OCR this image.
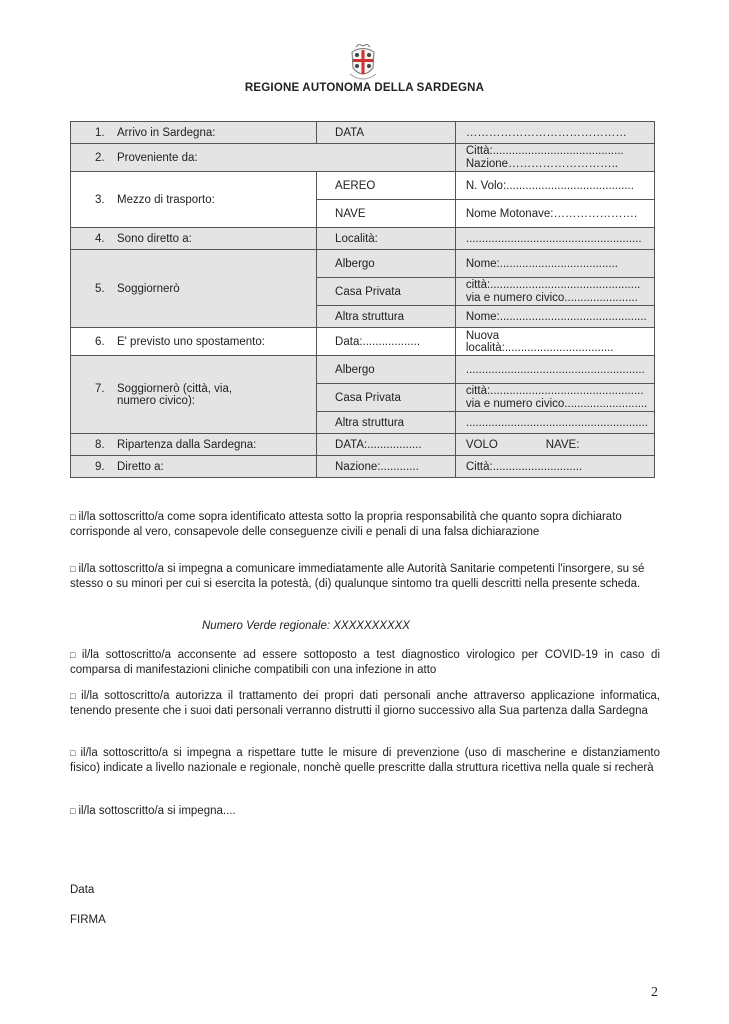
REGIONE AUTONOMA DELLA SARDEGNA
1. Arrivo in Sardegna:	DATA	……………………………………
2. Proveniente da:		Città:.........................................
Nazione………………………..

3. Mezzo di trasporto:	AEREO	N. Volo:........................................
	NAVE	Nome Motonave:………………….
4. Sono diretto a:	Località:	.......................................................
5. Soggiornerò	Albergo	Nome:.....................................
	Casa Privata	città:...............................................
via e numero civico.......................

	Altra struttura	Nome:..............................................
6. E' previsto uno spostamento:	Data:..................	Nuova località:..................................

7. Soggiornerò (città, via,
numero civico):	Albergo	........................................................
	Casa Privata	città:................................................
via e numero civico..........................

	Altra struttura	.........................................................
8. Ripartenza dalla Sardegna:	DATA:.................	VOLO               NAVE:
9. Diretto a:	Nazione:............	Città:............................
□ il/la sottoscritto/a come sopra identificato attesta sotto la propria responsabilità che quanto sopra dichiarato corrisponde al vero, consapevole delle conseguenze civili e penali di una falsa dichiarazione
□ il/la sottoscritto/a si impegna a comunicare immediatamente alle Autorità Sanitarie competenti l'insorgere, su sé stesso o su minori per cui si esercita la potestà, (di) qualunque sintomo tra quelli descritti nella presente scheda.
Numero Verde regionale: XXXXXXXXXX
□ il/la sottoscritto/a acconsente ad essere sottoposto a test diagnostico virologico per COVID-19 in caso di comparsa di manifestazioni cliniche compatibili con una infezione in atto
□ il/la sottoscritto/a autorizza il trattamento dei propri dati personali anche attraverso applicazione informatica, tenendo presente che i suoi dati personali verranno distrutti il giorno successivo alla Sua partenza dalla Sardegna
□ il/la sottoscritto/a si impegna a rispettare tutte le misure di prevenzione (uso di mascherine e distanziamento fisico) indicate a livello nazionale e regionale, nonchè quelle prescritte dalla struttura ricettiva nella quale si recherà
□ il/la sottoscritto/a si impegna....
Data
FIRMA
2
